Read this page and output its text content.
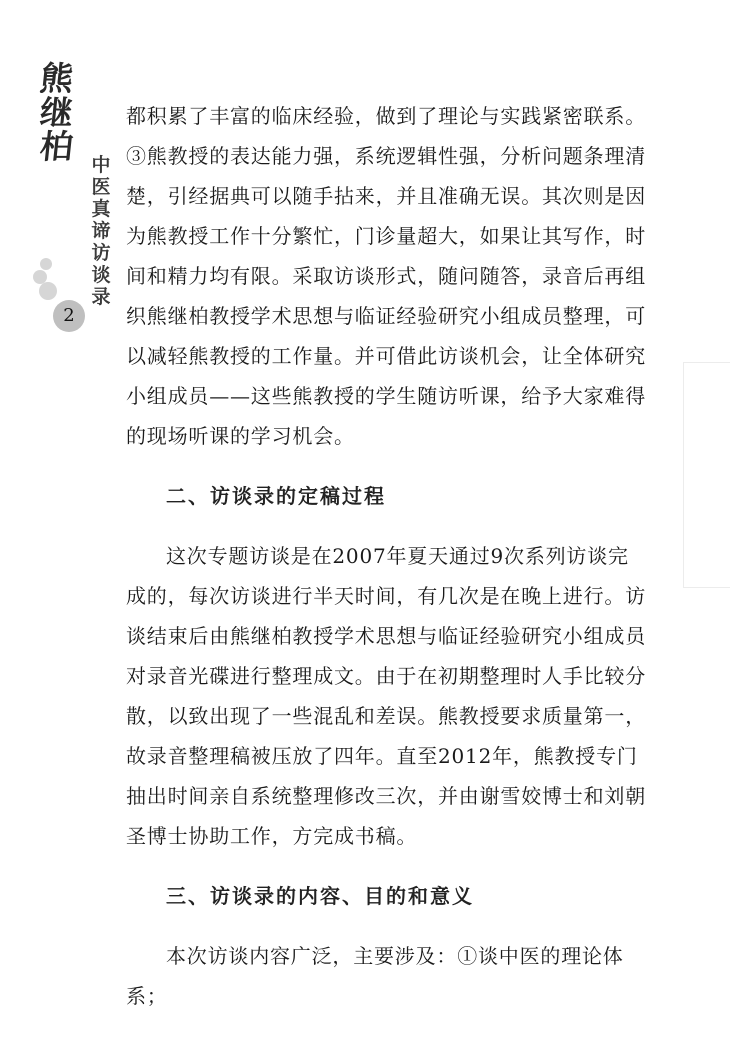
熊
继
柏 中
医
真
谛
访
谈
录
2

都积累了丰富的临床经验，做到了理论与实践紧密联系。③熊教授的表达能力强，系统逻辑性强，分析问题条理清楚，引经据典可以随手拈来，并且准确无误。其次则是因为熊教授工作十分繁忙，门诊量超大，如果让其写作，时间和精力均有限。采取访谈形式，随问随答，录音后再组织熊继柏教授学术思想与临证经验研究小组成员整理，可以减轻熊教授的工作量。并可借此访谈机会，让全体研究小组成员——这些熊教授的学生随访听课，给予大家难得的现场听课的学习机会。

二、访谈录的定稿过程

这次专题访谈是在2007年夏天通过9次系列访谈完成的，每次访谈进行半天时间，有几次是在晚上进行。访谈结束后由熊继柏教授学术思想与临证经验研究小组成员对录音光碟进行整理成文。由于在初期整理时人手比较分散，以致出现了一些混乱和差误。熊教授要求质量第一，故录音整理稿被压放了四年。直至2012年，熊教授专门抽出时间亲自系统整理修改三次，并由谢雪姣博士和刘朝圣博士协助工作，方完成书稿。

三、访谈录的内容、目的和意义

本次访谈内容广泛，主要涉及：①谈中医的理论体系；
